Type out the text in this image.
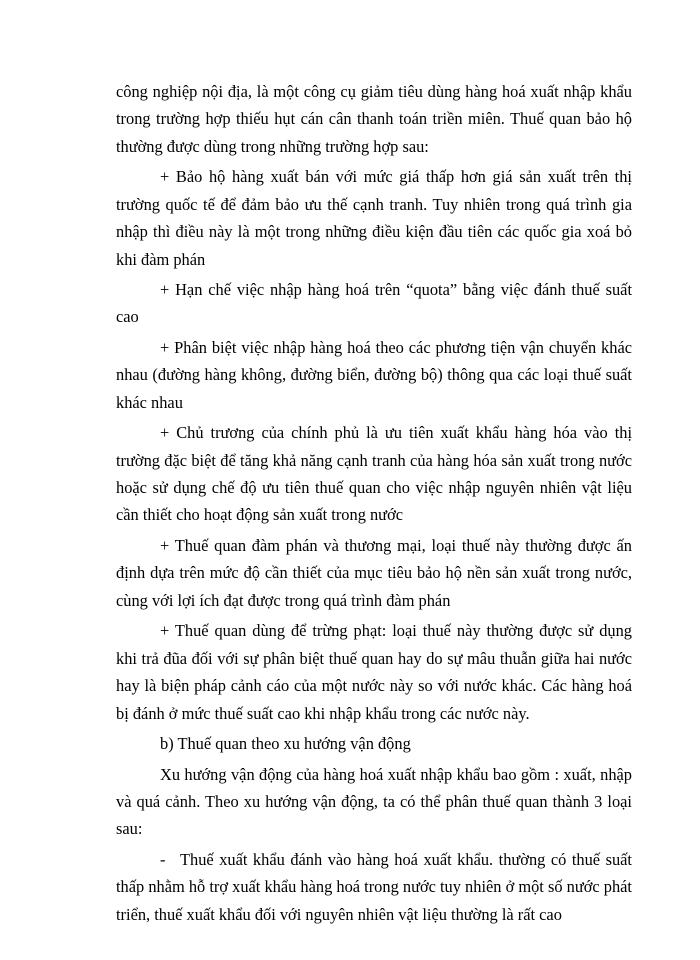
công nghiệp nội địa, là một công cụ giảm tiêu dùng hàng hoá xuất nhập khẩu trong trường hợp thiếu hụt cán cân thanh toán triền miên. Thuế quan bảo hộ thường được dùng trong những trường hợp sau:

+ Bảo hộ hàng xuất bán với mức giá thấp hơn giá sản xuất trên thị trường quốc tế để đảm bảo ưu thế cạnh tranh. Tuy nhiên trong quá trình gia nhập thì điều này là một trong những điều kiện đầu tiên các quốc gia xoá bỏ khi đàm phán

+ Hạn chế việc nhập hàng hoá trên “quota” bằng việc đánh thuế suất cao

+ Phân biệt việc nhập hàng hoá theo các phương tiện vận chuyển khác nhau (đường hàng không, đường biển, đường bộ) thông qua các loại thuế suất khác nhau

+ Chủ trương của chính phủ là ưu tiên xuất khẩu hàng hóa vào thị trường đặc biệt để tăng khả năng cạnh tranh của hàng hóa sản xuất trong nước hoặc sử dụng chế độ ưu tiên thuế quan cho việc nhập nguyên nhiên vật liệu cần thiết cho hoạt động sản xuất trong nước

+ Thuế quan đàm phán và thương mại, loại thuế này thường được ấn định dựa trên mức độ cần thiết của mục tiêu bảo hộ nền sản xuất trong nước, cùng với lợi ích đạt được trong quá trình đàm phán

+ Thuế quan dùng để trừng phạt: loại thuế này thường được sử dụng khi trả đũa đối với sự phân biệt thuế quan hay do sự mâu thuẫn giữa hai nước hay là biện pháp cảnh cáo của một nước này so với nước khác. Các hàng hoá bị đánh ở mức thuế suất cao khi nhập khẩu trong các nước này.

b) Thuế quan theo xu hướng vận động

Xu hướng vận động của hàng hoá xuất nhập khẩu bao gồm : xuất, nhập và quá cảnh. Theo xu hướng vận động, ta có thể phân thuế quan thành 3 loại sau:

- Thuế xuất khẩu đánh vào hàng hoá xuất khẩu. thường có thuế suất thấp nhằm hỗ trợ xuất khẩu hàng hoá trong nước tuy nhiên ở một số nước phát triển, thuế xuất khẩu đối với nguyên nhiên vật liệu thường là rất cao
